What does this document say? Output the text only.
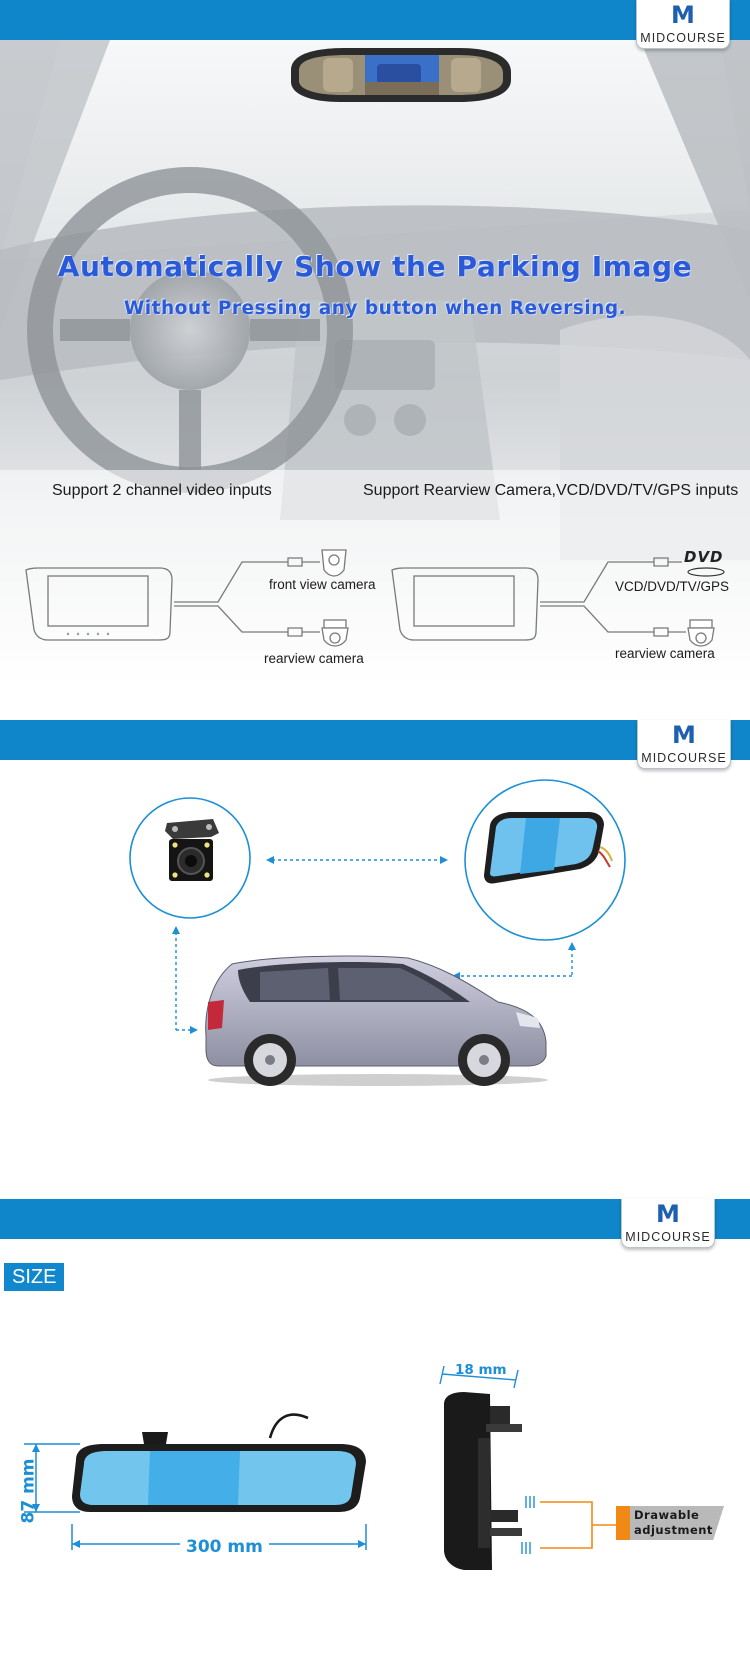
M
MIDCOURSE
Automatically Show the Parking Image
Without Pressing any button when Reversing.
Support 2 channel video inputs	Support Rearview Camera,VCD/DVD/TV/GPS inputs
front view camera
rearview camera
DVD
VCD/DVD/TV/GPS
rearview camera
M
MIDCOURSE
M
MIDCOURSE
SIZE
87 mm
300 mm
18 mm
Drawable adjustment
